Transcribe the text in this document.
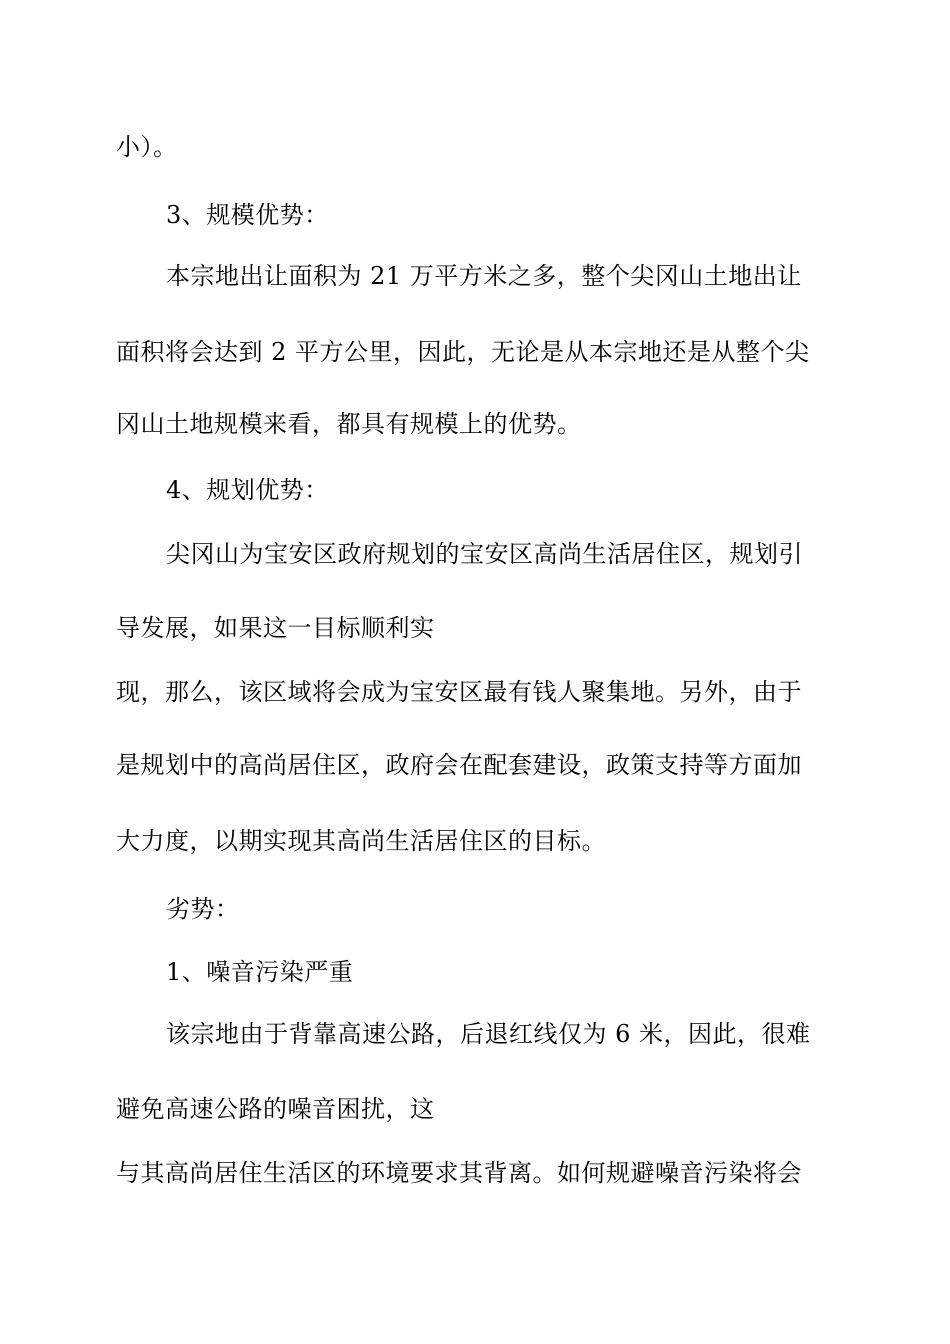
小）。
3、规模优势：
本宗地出让面积为 21 万平方米之多，整个尖冈山土地出让
面积将会达到 2 平方公里，因此，无论是从本宗地还是从整个尖
冈山土地规模来看，都具有规模上的优势。
4、规划优势：
尖冈山为宝安区政府规划的宝安区高尚生活居住区，规划引
导发展，如果这一目标顺利实
现，那么，该区域将会成为宝安区最有钱人聚集地。另外，由于
是规划中的高尚居住区，政府会在配套建设，政策支持等方面加
大力度，以期实现其高尚生活居住区的目标。
劣势：
1、噪音污染严重
该宗地由于背靠高速公路，后退红线仅为 6 米，因此，很难
避免高速公路的噪音困扰，这
与其高尚居住生活区的环境要求其背离。如何规避噪音污染将会
